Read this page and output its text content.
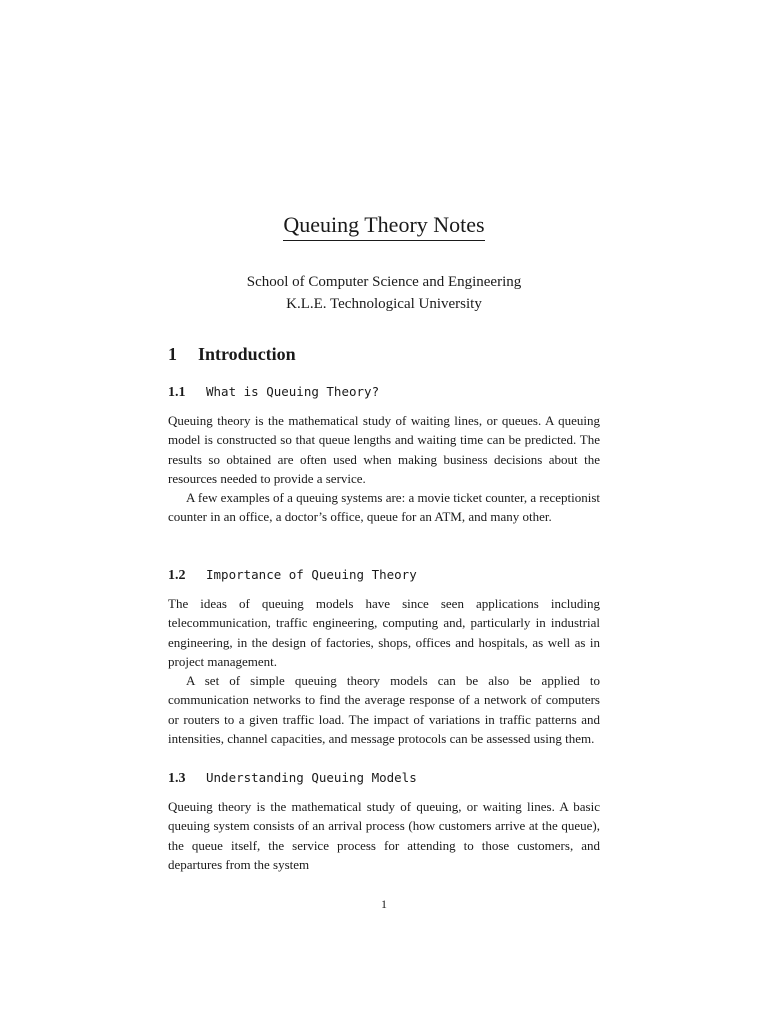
Queuing Theory Notes
School of Computer Science and Engineering
K.L.E. Technological University
1 Introduction
1.1 What is Queuing Theory?

Queuing theory is the mathematical study of waiting lines, or queues. A queuing model is constructed so that queue lengths and waiting time can be predicted. The results so obtained are often used when making business decisions about the resources needed to provide a service.

A few examples of a queuing systems are: a movie ticket counter, a receptionist counter in an office, a doctor’s office, queue for an ATM, and many other.

1.2 Importance of Queuing Theory

The ideas of queuing models have since seen applications including telecommunication, traffic engineering, computing and, particularly in industrial engineering, in the design of factories, shops, offices and hospitals, as well as in project management.

A set of simple queuing theory models can be also be applied to communication networks to find the average response of a network of computers or routers to a given traffic load. The impact of variations in traffic patterns and intensities, channel capacities, and message protocols can be assessed using them.

1.3 Understanding Queuing Models

Queuing theory is the mathematical study of queuing, or waiting lines. A basic queuing system consists of an arrival process (how customers arrive at the queue), the queue itself, the service process for attending to those customers, and departures from the system

1
